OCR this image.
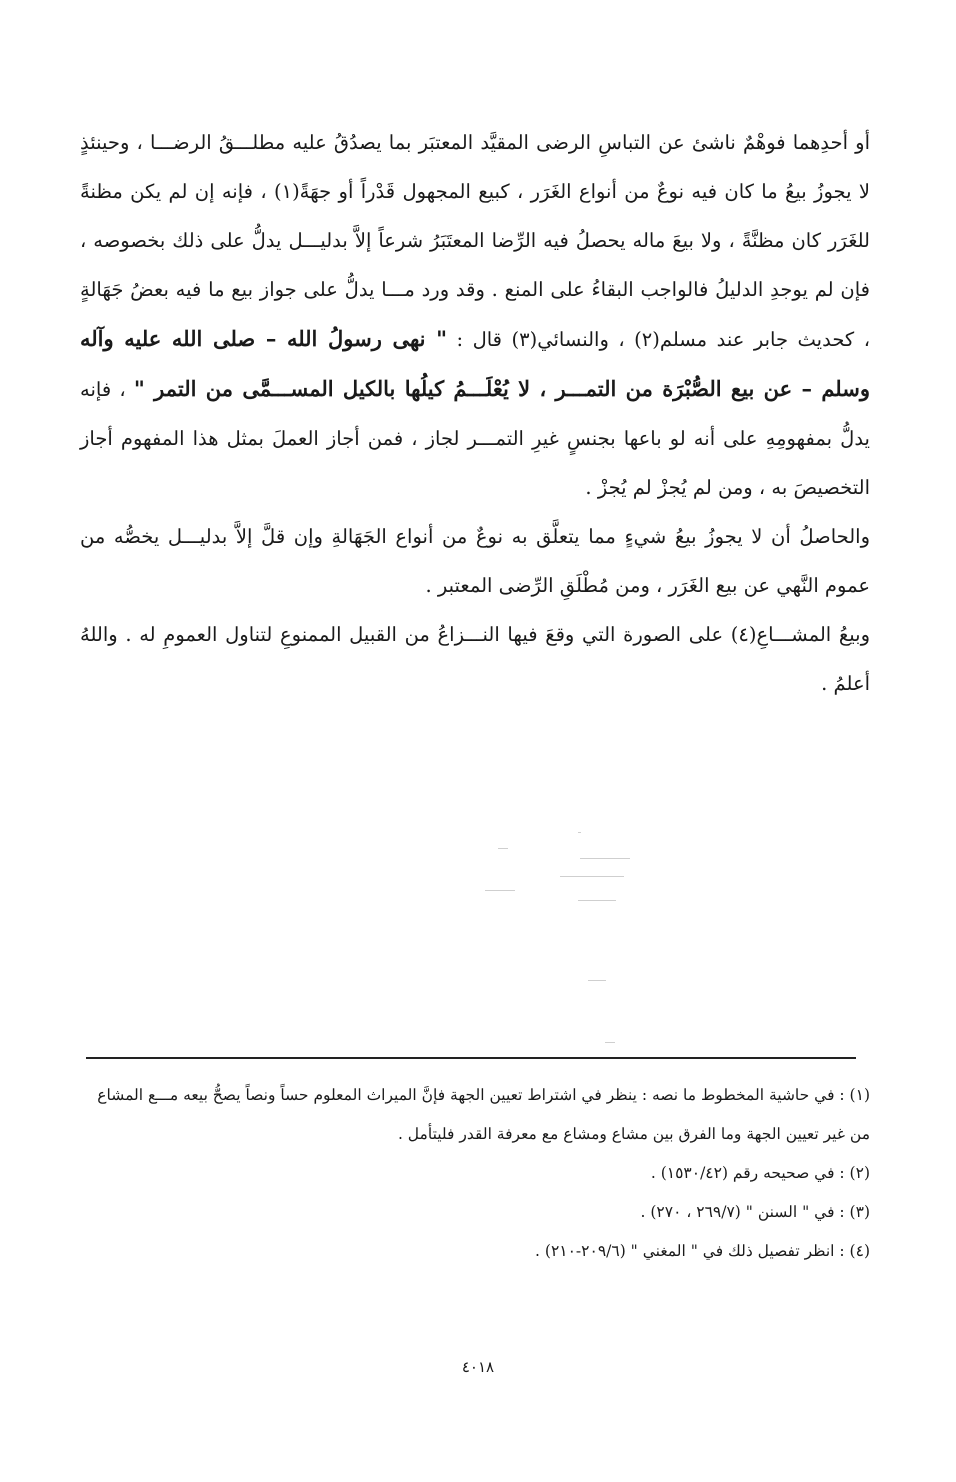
أو أحدِهما فوهْمٌ ناشئ عن التباسِ الرضى المقيَّد المعتبَر بما يصدُقُ عليه مطلـــقُ الرضـــا ، وحينئذٍ لا يجوزُ بيعُ ما كان فيه نوعٌ من أنواع الغَرَر ، كبيع المجهول قَدْراً أو جهَةً(١) ، فإنه إن لم يكن مظنةً للغَرَر كان مظنَّةً ، ولا بيعَ ماله يحصلُ فيه الرِّضا المعتَبَرُ شرعاً إلاَّ بدليـــل يدلُّ على ذلك بخصوصه ، فإن لم يوجدِ الدليلُ فالواجب البقاءُ على المنع . وقد ورد مـــا يدلُّ على جواز بيع ما فيه بعضُ جَهَالةٍ ، كحديث جابر عند مسلم(٢) ، والنسائي(٣) قال : " نهى رسولُ الله – صلى الله عليه وآله وسلم – عن بيع الصُّبْرَة من التمـــر ، لا يُعْلَـــمُ كيلُها بالكيل المســـمَّى من التمر " ، فإنه يدلُّ بمفهومِهِ على أنه لو باعها بجنسٍ غيرِ التمـــر لجاز ، فمن أجاز العملَ بمثل هذا المفهوم أجاز التخصيصَ به ، ومن لم يُجزْ لم يُجزْ .

والحاصلُ أن لا يجوزُ بيعُ شيءٍ مما يتعلَّق به نوعٌ من أنواع الجَهَالةِ وإن قلَّ إلاَّ بدليـــل يخصُّه من عموم النَّهي عن بيع الغَرَر ، ومن مُطْلَقِ الرِّضى المعتبر .

وبيعُ المشـــاعِ(٤) على الصورة التي وقعَ فيها النـــزاعُ من القبيل الممنوعِ لتناول العمومِ له . واللهُ أعلمُ .

(١) : في حاشية المخطوط ما نصه : ينظر في اشتراط تعيين الجهة فإنَّ الميراث المعلوم حساً ونصاً يصحُّ بيعه مـــع المشاع من غير تعيين الجهة وما الفرق بين مشاع ومشاع مع معرفة القدر فليتأمل .

(٢) : في صحيحه رقم (١٥٣٠/٤٢) .

(٣) : في " السنن " (٢٦٩/٧ ، ٢٧٠) .

(٤) : انظر تفصيل ذلك في " المغني " (٢٠٩/٦-٢١٠) .

٤٠١٨
